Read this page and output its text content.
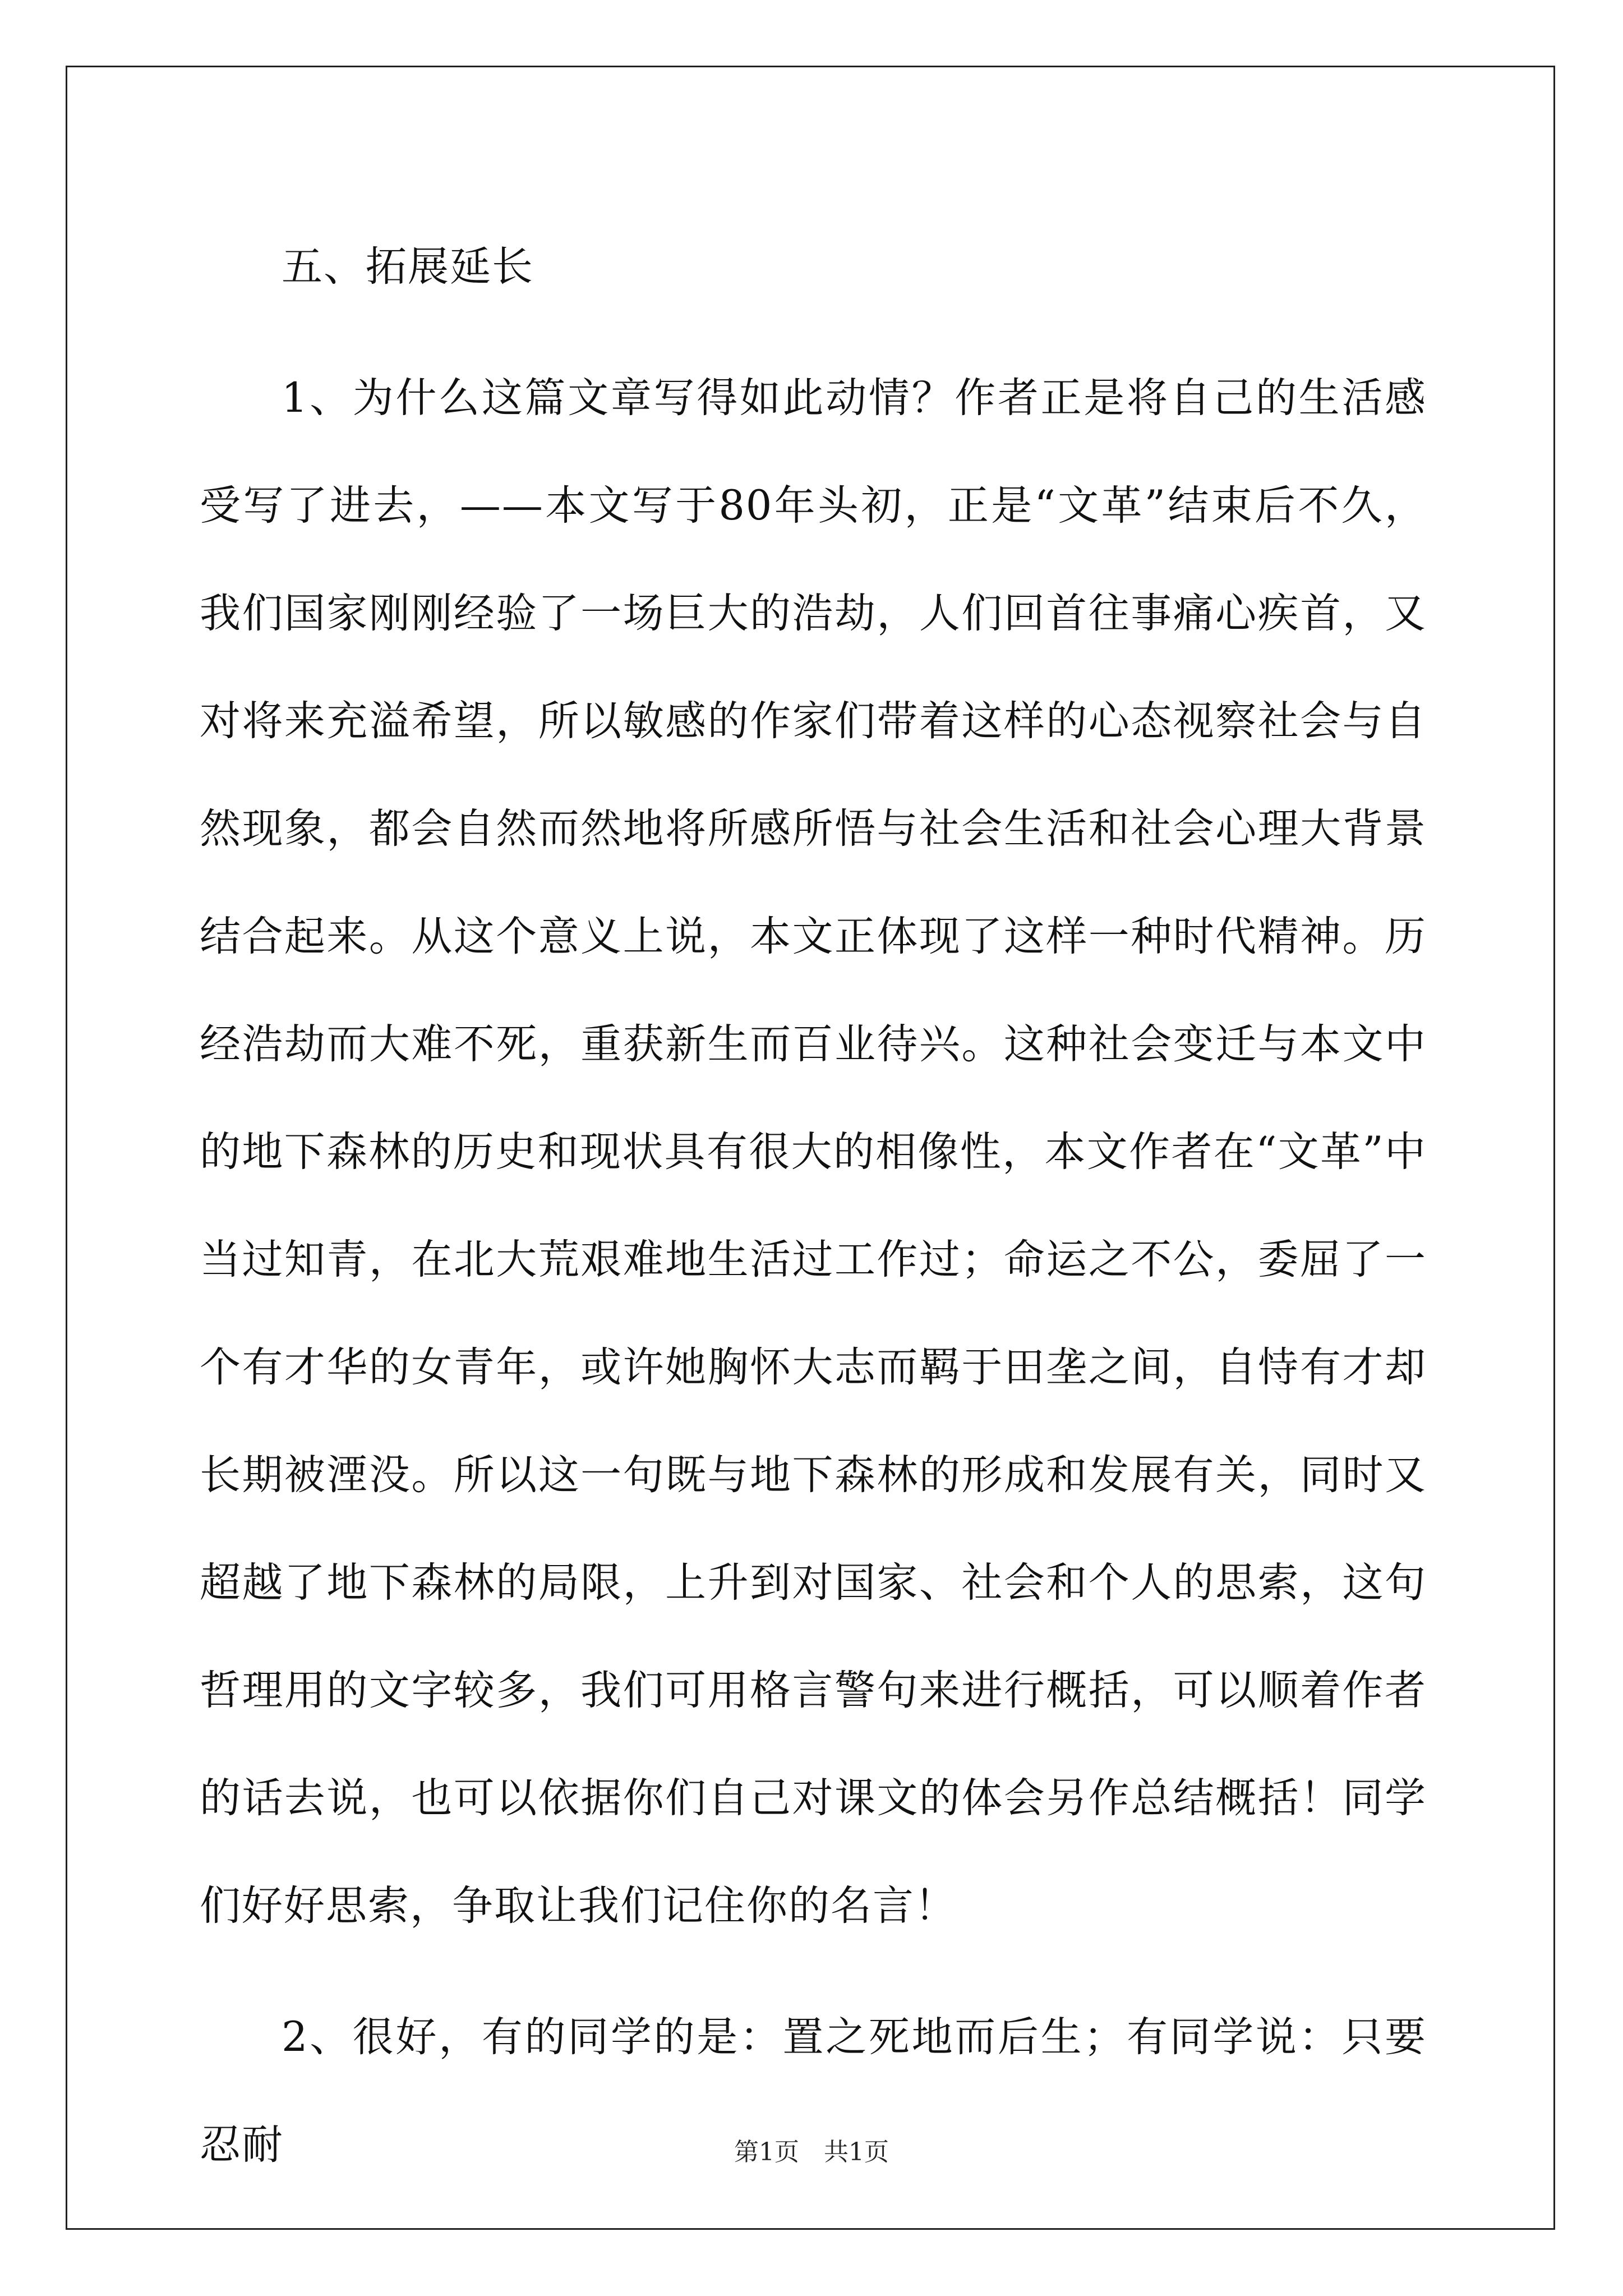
五、拓展延长

1、为什么这篇文章写得如此动情？作者正是将自己的生活感受写了进去，——本文写于80年头初，正是“文革”结束后不久，我们国家刚刚经验了一场巨大的浩劫，人们回首往事痛心疾首，又对将来充溢希望，所以敏感的作家们带着这样的心态视察社会与自然现象，都会自然而然地将所感所悟与社会生活和社会心理大背景结合起来。从这个意义上说，本文正体现了这样一种时代精神。历经浩劫而大难不死，重获新生而百业待兴。这种社会变迁与本文中的地下森林的历史和现状具有很大的相像性，本文作者在“文革”中当过知青，在北大荒艰难地生活过工作过；命运之不公，委屈了一个有才华的女青年，或许她胸怀大志而羁于田垄之间，自恃有才却长期被湮没。所以这一句既与地下森林的形成和发展有关，同时又超越了地下森林的局限，上升到对国家、社会和个人的思索，这句哲理用的文字较多，我们可用格言警句来进行概括，可以顺着作者的话去说，也可以依据你们自己对课文的体会另作总结概括！同学们好好思索，争取让我们记住你的名言！

2、很好，有的同学的是：置之死地而后生；有同学说：只要忍耐	第1页　共1页
